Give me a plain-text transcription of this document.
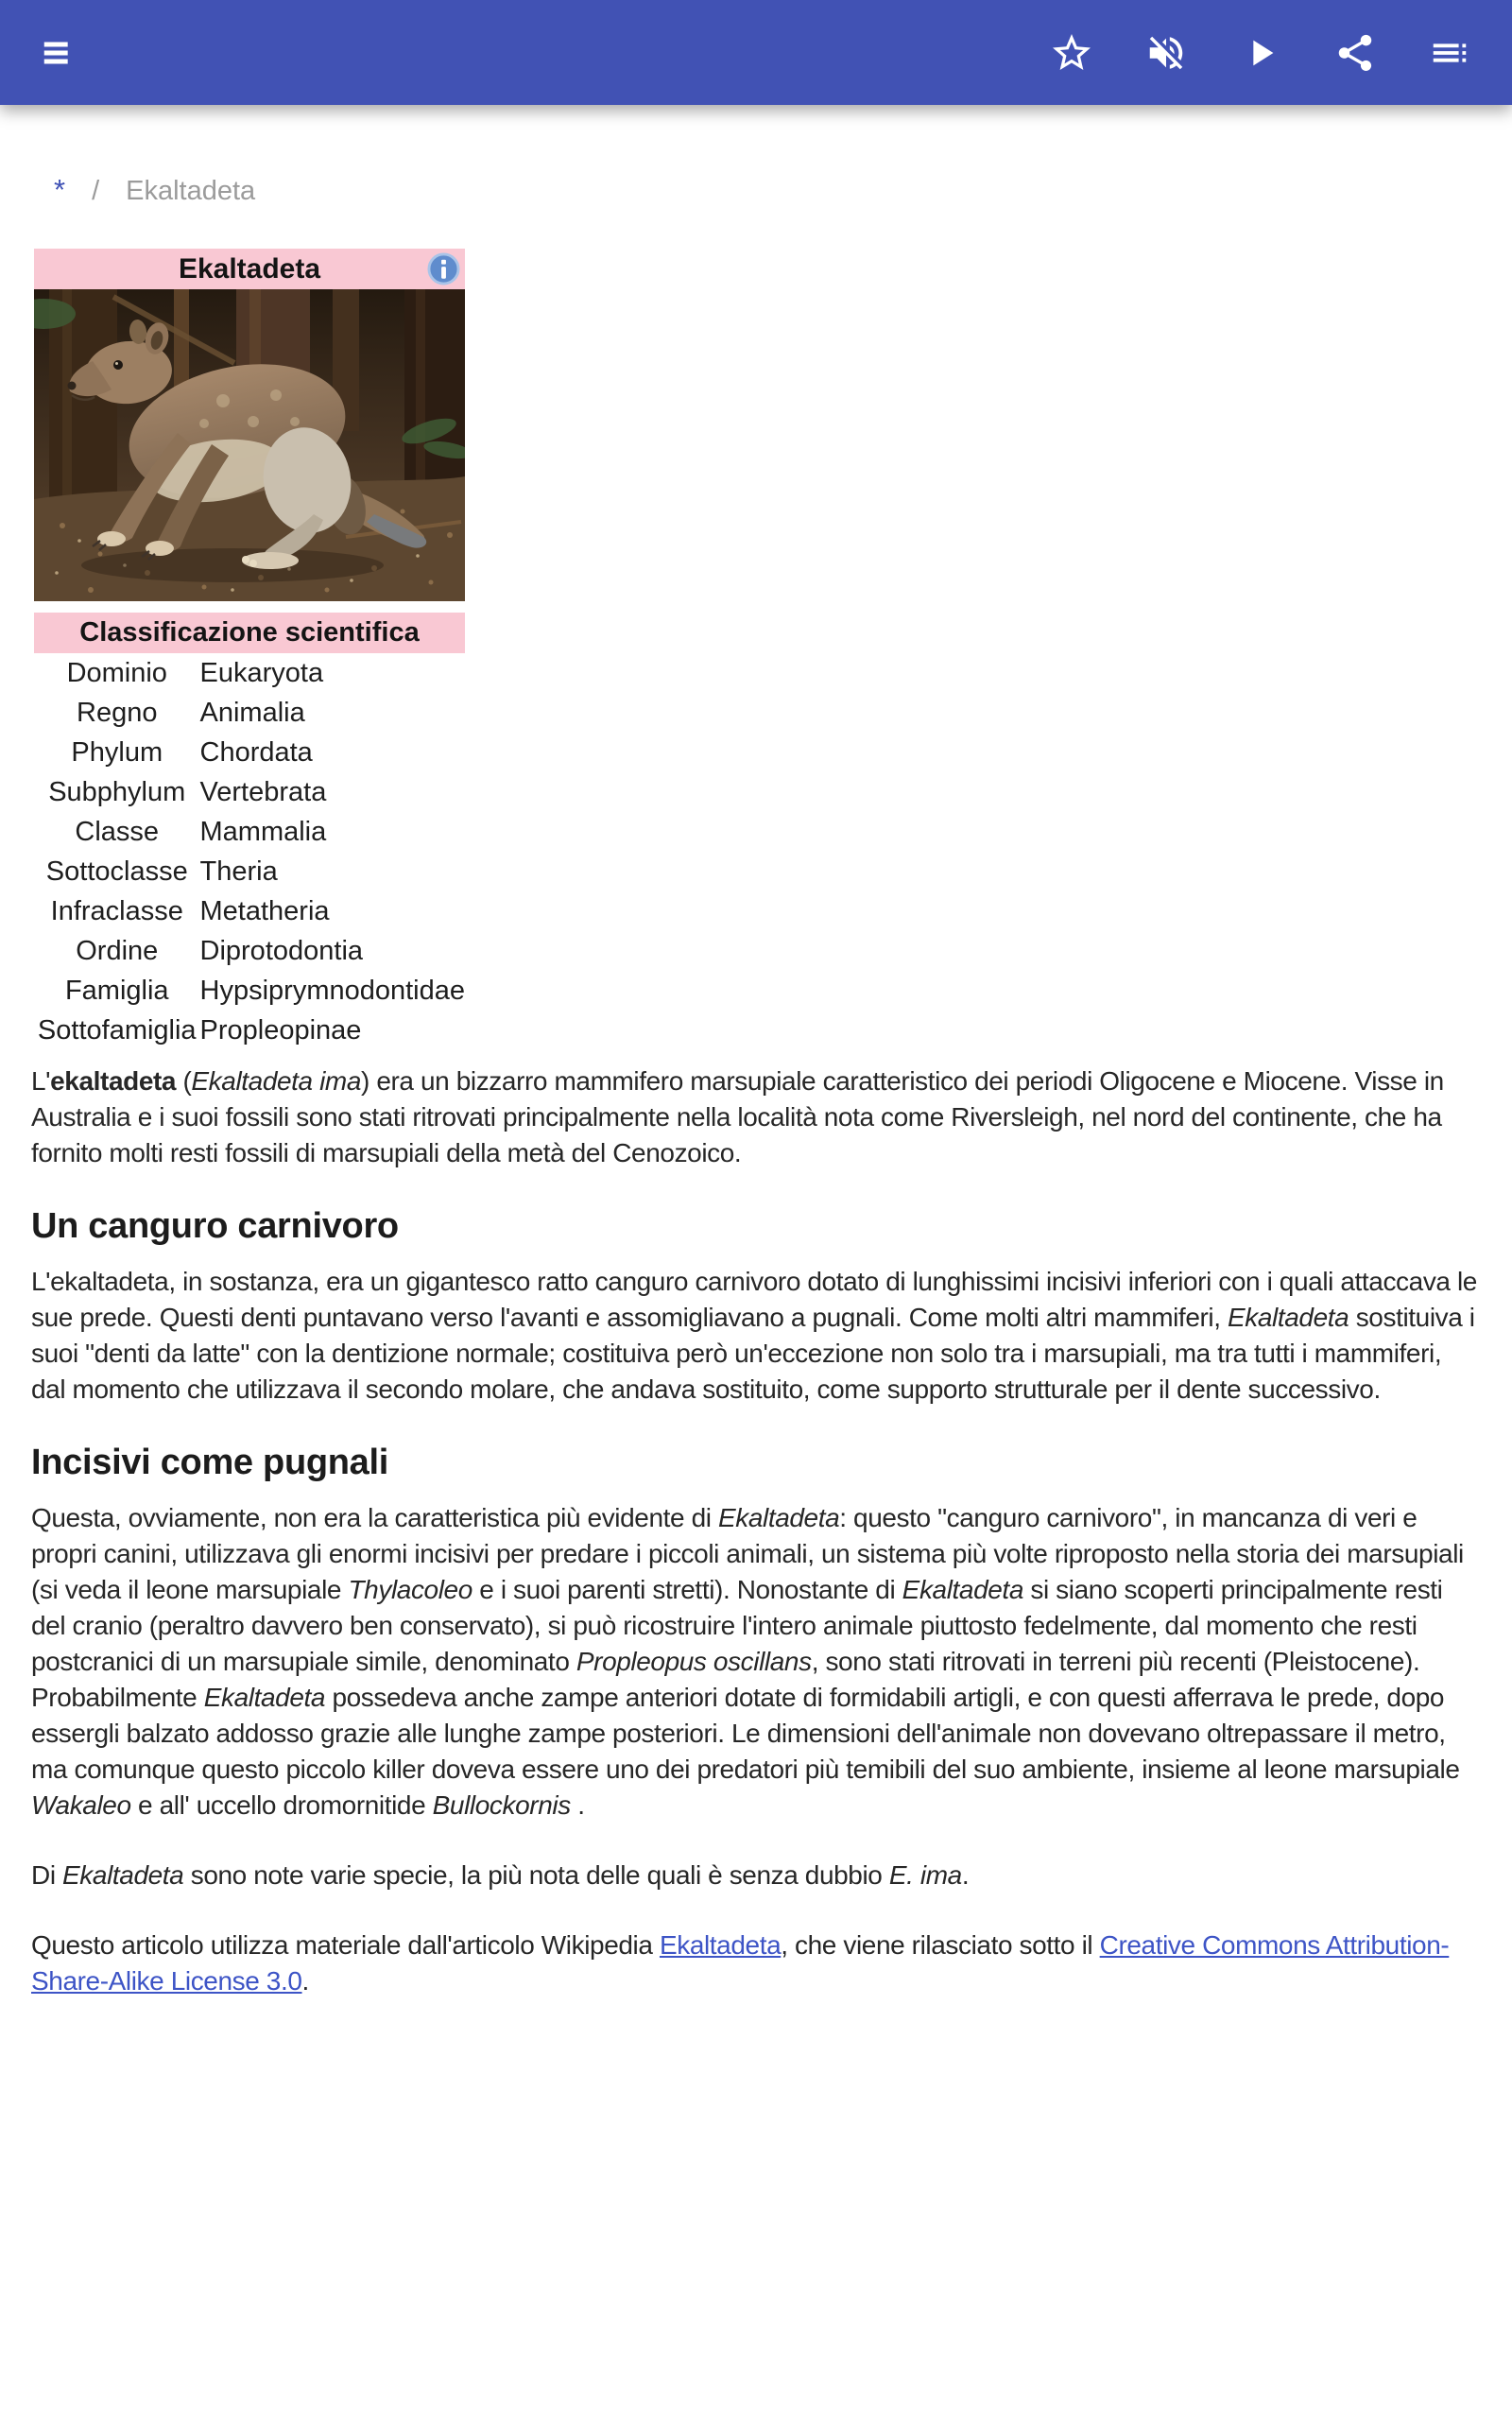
* / Ekaltadeta
Ekaltadeta
Classificazione scientifica
Dominio	Eukaryota
Regno	Animalia
Phylum	Chordata
Subphylum	Vertebrata
Classe	Mammalia
Sottoclasse	Theria
Infraclasse	Metatheria
Ordine	Diprotodontia
Famiglia	Hypsiprymnodontidae
Sottofamiglia	Propleopinae

L'ekaltadeta (Ekaltadeta ima) era un bizzarro mammifero marsupiale caratteristico dei periodi Oligocene e Miocene. Visse in Australia e i suoi fossili sono stati ritrovati principalmente nella località nota come Riversleigh, nel nord del continente, che ha fornito molti resti fossili di marsupiali della metà del Cenozoico.

Un canguro carnivoro

L'ekaltadeta, in sostanza, era un gigantesco ratto canguro carnivoro dotato di lunghissimi incisivi inferiori con i quali attaccava le sue prede. Questi denti puntavano verso l'avanti e assomigliavano a pugnali. Come molti altri mammiferi, Ekaltadeta sostituiva i suoi "denti da latte" con la dentizione normale; costituiva però un'eccezione non solo tra i marsupiali, ma tra tutti i mammiferi, dal momento che utilizzava il secondo molare, che andava sostituito, come supporto strutturale per il dente successivo.

Incisivi come pugnali

Questa, ovviamente, non era la caratteristica più evidente di Ekaltadeta: questo "canguro carnivoro", in mancanza di veri e propri canini, utilizzava gli enormi incisivi per predare i piccoli animali, un sistema più volte riproposto nella storia dei marsupiali (si veda il leone marsupiale Thylacoleo e i suoi parenti stretti). Nonostante di Ekaltadeta si siano scoperti principalmente resti del cranio (peraltro davvero ben conservato), si può ricostruire l'intero animale piuttosto fedelmente, dal momento che resti postcranici di un marsupiale simile, denominato Propleopus oscillans, sono stati ritrovati in terreni più recenti (Pleistocene). Probabilmente Ekaltadeta possedeva anche zampe anteriori dotate di formidabili artigli, e con questi afferrava le prede, dopo essergli balzato addosso grazie alle lunghe zampe posteriori. Le dimensioni dell'animale non dovevano oltrepassare il metro, ma comunque questo piccolo killer doveva essere uno dei predatori più temibili del suo ambiente, insieme al leone marsupiale Wakaleo e all' uccello dromornitide Bullockornis .

Di Ekaltadeta sono note varie specie, la più nota delle quali è senza dubbio E. ima.

Questo articolo utilizza materiale dall'articolo Wikipedia Ekaltadeta, che viene rilasciato sotto il Creative Commons Attribution-Share-Alike License 3.0.
